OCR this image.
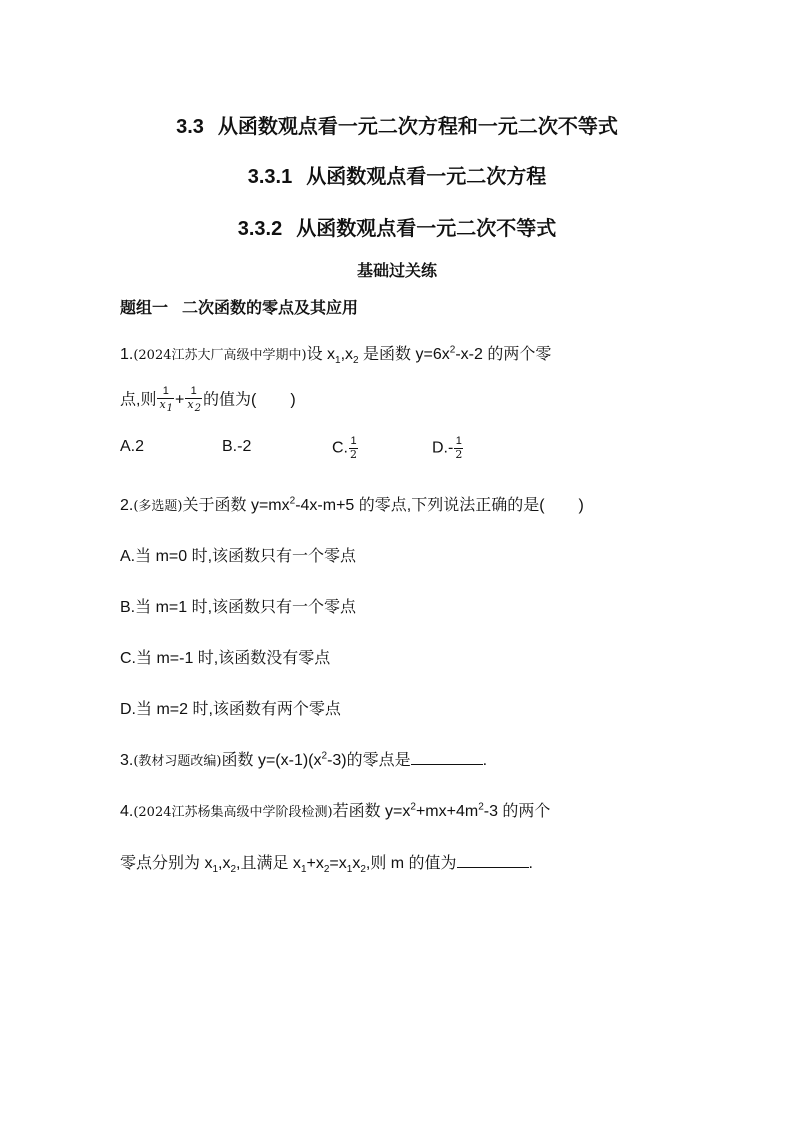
3.3 从函数观点看一元二次方程和一元二次不等式
3.3.1 从函数观点看一元二次方程
3.3.2 从函数观点看一元二次不等式
基础过关练
题组一 二次函数的零点及其应用
1.(2024江苏大厂高级中学期中)设 $x_1,x_2$ 是函数 $y=6x^2-x-2$ 的两个零
点,则 $\frac{1}{x_1} + \frac{1}{x_2}$ 的值为( )
A.2	B.-2	C. $\frac{1}{2}$	$D.- \frac{1}{2}$
2.(多选题)关于函数 $y=mx^2-4x-m+5$ 的零点,下列说法正确的是( )
A.当 m=0 时,该函数只有一个零点
B.当 m=1 时,该函数只有一个零点
C.当 m=-1 时,该函数没有零点
D.当 m=2 时,该函数有两个零点
3.(教材习题改编)函数 $y=(x-1)(x^2-3)$的零点是	.
4.(2024江苏杨集高级中学阶段检测)若函数 $y=x^2+mx+4m^2-3$ 的两个
零点分别为 $x_1,x_2$,且满足 $x_1+x_2=x_1x_2$,则 m 的值为	.
